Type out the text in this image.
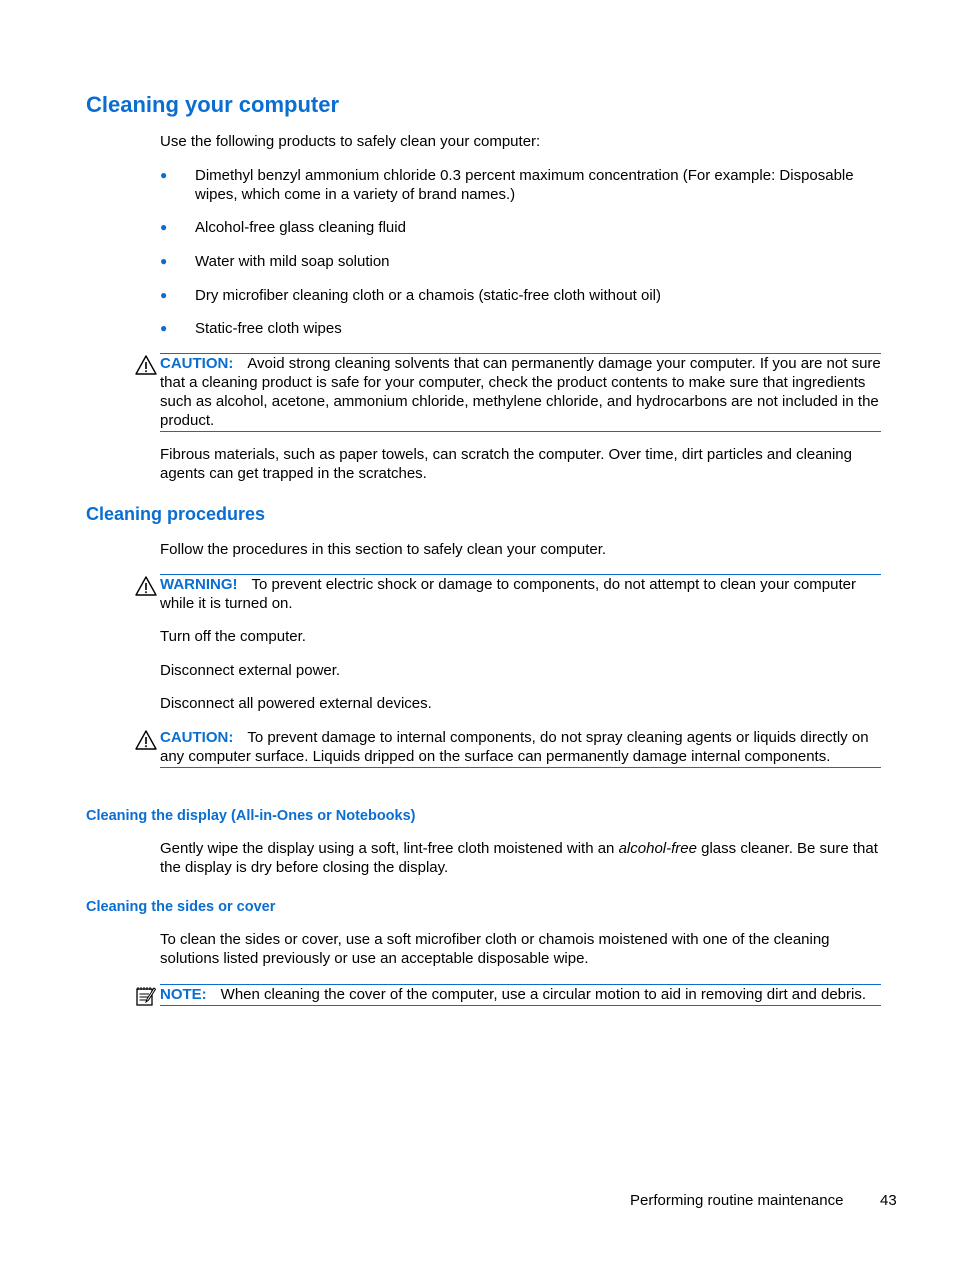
Cleaning your computer
Use the following products to safely clean your computer:
● Dimethyl benzyl ammonium chloride 0.3 percent maximum concentration (For example: Disposable wipes, which come in a variety of brand names.)
● Alcohol-free glass cleaning fluid
● Water with mild soap solution
● Dry microfiber cleaning cloth or a chamois (static-free cloth without oil)
● Static-free cloth wipes
CAUTION: Avoid strong cleaning solvents that can permanently damage your computer. If you are not sure that a cleaning product is safe for your computer, check the product contents to make sure that ingredients such as alcohol, acetone, ammonium chloride, methylene chloride, and hydrocarbons are not included in the product.
Fibrous materials, such as paper towels, can scratch the computer. Over time, dirt particles and cleaning agents can get trapped in the scratches.
Cleaning procedures
Follow the procedures in this section to safely clean your computer.
WARNING! To prevent electric shock or damage to components, do not attempt to clean your computer while it is turned on.
Turn off the computer.
Disconnect external power.
Disconnect all powered external devices.
CAUTION: To prevent damage to internal components, do not spray cleaning agents or liquids directly on any computer surface. Liquids dripped on the surface can permanently damage internal components.
Cleaning the display (All-in-Ones or Notebooks)
Gently wipe the display using a soft, lint-free cloth moistened with an alcohol-free glass cleaner. Be sure that the display is dry before closing the display.
Cleaning the sides or cover
To clean the sides or cover, use a soft microfiber cloth or chamois moistened with one of the cleaning solutions listed previously or use an acceptable disposable wipe.
NOTE: When cleaning the cover of the computer, use a circular motion to aid in removing dirt and debris.
Performing routine maintenance 43
